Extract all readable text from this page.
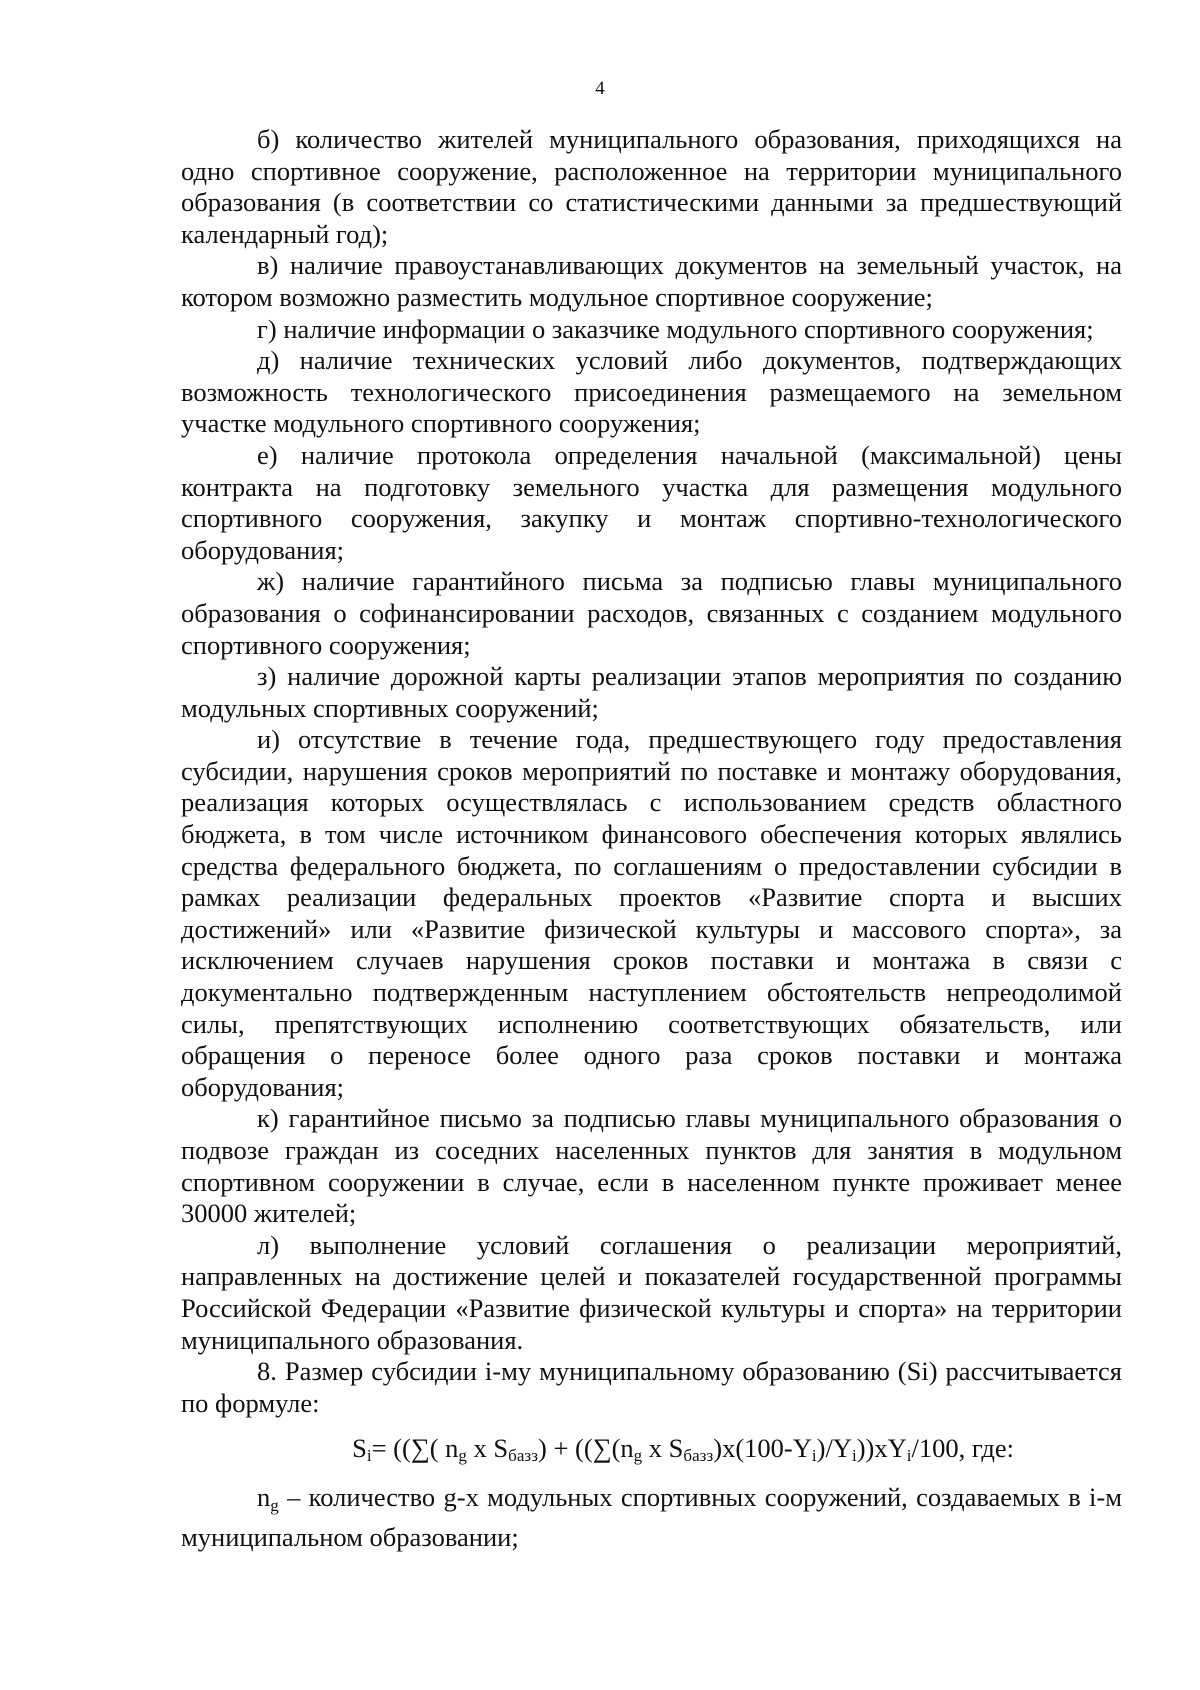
4

б) количество жителей муниципального образования, приходящихся на одно спортивное сооружение, расположенное на территории муниципального образования (в соответствии со статистическими данными за предшествующий календарный год);

в) наличие правоустанавливающих документов на земельный участок, на котором возможно разместить модульное спортивное сооружение;

г) наличие информации о заказчике модульного спортивного сооружения;

д) наличие технических условий либо документов, подтверждающих возможность технологического присоединения размещаемого на земельном участке модульного спортивного сооружения;

е) наличие протокола определения начальной (максимальной) цены контракта на подготовку земельного участка для размещения модульного спортивного сооружения, закупку и монтаж спортивно-технологического оборудования;

ж) наличие гарантийного письма за подписью главы муниципального образования о софинансировании расходов, связанных с созданием модульного спортивного сооружения;

з) наличие дорожной карты реализации этапов мероприятия по созданию модульных спортивных сооружений;

и) отсутствие в течение года, предшествующего году предоставления субсидии, нарушения сроков мероприятий по поставке и монтажу оборудования, реализация которых осуществлялась с использованием средств областного бюджета, в том числе источником финансового обеспечения которых являлись средства федерального бюджета, по соглашениям о предоставлении субсидии в рамках реализации федеральных проектов «Развитие спорта и высших достижений» или «Развитие физической культуры и массового спорта», за исключением случаев нарушения сроков поставки и монтажа в связи с документально подтвержденным наступлением обстоятельств непреодолимой силы, препятствующих исполнению соответствующих обязательств, или обращения о переносе более одного раза сроков поставки и монтажа оборудования;

к) гарантийное письмо за подписью главы муниципального образования о подвозе граждан из соседних населенных пунктов для занятия в модульном спортивном сооружении в случае, если в населенном пункте проживает менее 30000 жителей;

л) выполнение условий соглашения о реализации мероприятий, направленных на достижение целей и показателей государственной программы Российской Федерации «Развитие физической культуры и спорта» на территории муниципального образования.

8. Размер субсидии i-му муниципальному образованию (Si) рассчитывается по формуле:

$S_i=$ ((∑( $n_g$ x $S_{базз}) + ((\sum(n_g$ x $S_{базз})x(100-Y_i)/Y_i))xY_i/100$, где:

$n_g$ – количество g-х модульных спортивных сооружений, создаваемых в i-м муниципальном образовании;
